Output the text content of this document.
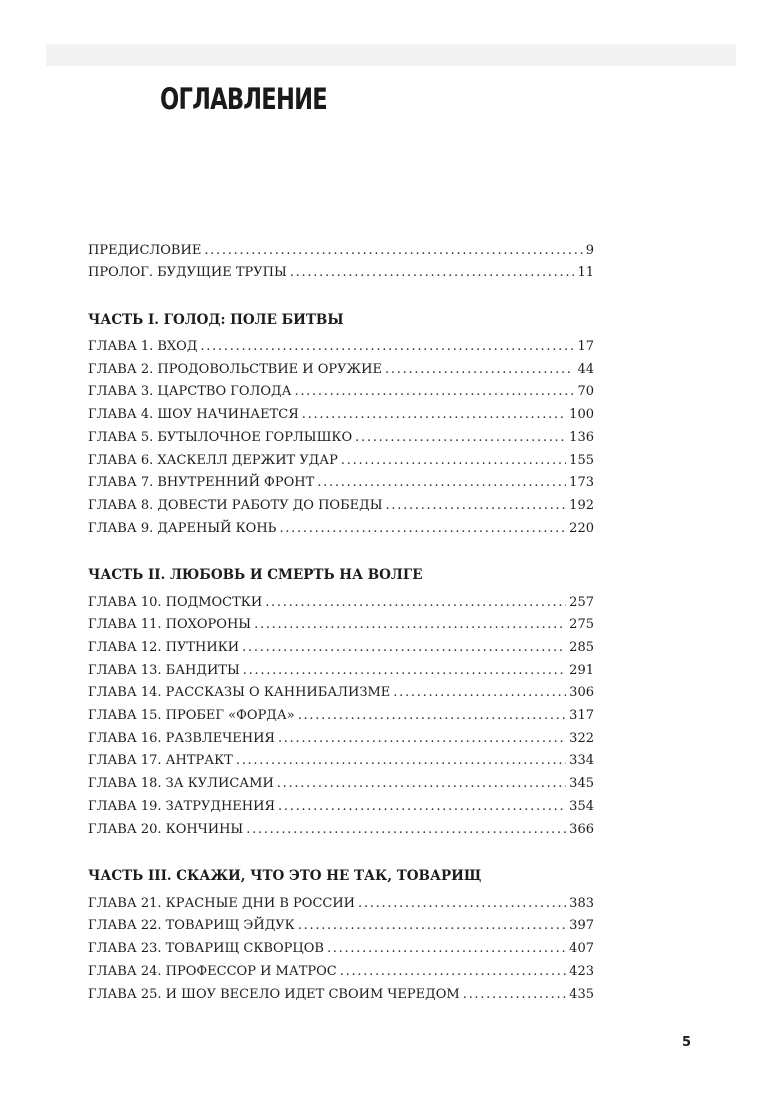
ОГЛАВЛЕНИЕ
ПРЕДИСЛОВИЕ . . .	9
ПРОЛОГ. БУДУЩИЕ ТРУПЫ . . .	11
ЧАСТЬ I. ГОЛОД: ПОЛЕ БИТВЫ
ГЛАВА 1. ВХОД . . .	17
ГЛАВА 2. ПРОДОВОЛЬСТВИЕ И ОРУЖИЕ . . .	44
ГЛАВА 3. ЦАРСТВО ГОЛОДА . . .	70
ГЛАВА 4. ШОУ НАЧИНАЕТСЯ . . .	100
ГЛАВА 5. БУТЫЛОЧНОЕ ГОРЛЫШКО . . .	136
ГЛАВА 6. ХАСКЕЛЛ ДЕРЖИТ УДАР . . .	155
ГЛАВА 7. ВНУТРЕННИЙ ФРОНТ . . .	173
ГЛАВА 8. ДОВЕСТИ РАБОТУ ДО ПОБЕДЫ . . .	192
ГЛАВА 9. ДАРЕНЫЙ КОНЬ . . .	220
ЧАСТЬ II. ЛЮБОВЬ И СМЕРТЬ НА ВОЛГЕ
ГЛАВА 10. ПОДМОСТКИ . . .	257
ГЛАВА 11. ПОХОРОНЫ . . .	275
ГЛАВА 12. ПУТНИКИ . . .	285
ГЛАВА 13. БАНДИТЫ . . .	291
ГЛАВА 14. РАССКАЗЫ О КАННИБАЛИЗМЕ . . .	306
ГЛАВА 15. ПРОБЕГ «ФОРДА» . . .	317
ГЛАВА 16. РАЗВЛЕЧЕНИЯ . . .	322
ГЛАВА 17. АНТРАКТ . . .	334
ГЛАВА 18. ЗА КУЛИСАМИ . . .	345
ГЛАВА 19. ЗАТРУДНЕНИЯ . . .	354
ГЛАВА 20. КОНЧИНЫ . . .	366
ЧАСТЬ III. СКАЖИ, ЧТО ЭТО НЕ ТАК, ТОВАРИЩ
ГЛАВА 21. КРАСНЫЕ ДНИ В РОССИИ . . .	383
ГЛАВА 22. ТОВАРИЩ ЭЙДУК . . .	397
ГЛАВА 23. ТОВАРИЩ СКВОРЦОВ . . .	407
ГЛАВА 24. ПРОФЕССОР И МАТРОС . . .	423
ГЛАВА 25. И ШОУ ВЕСЕЛО ИДЕТ СВОИМ ЧЕРЕДОМ . . .	435
5
